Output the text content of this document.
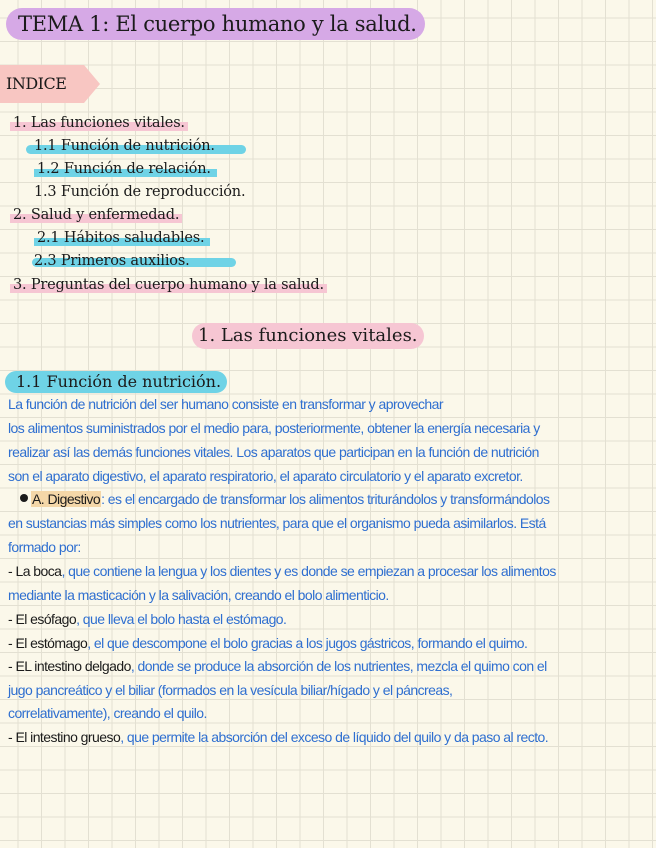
TEMA 1: El cuerpo humano y la salud.
INDICE
1. Las funciones vitales.
1.1 Función de nutrición.
1.2 Función de relación.
1.3 Función de reproducción.
2. Salud y enfermedad.
2.1 Hábitos saludables.
2.3 Primeros auxilios.
3. Preguntas del cuerpo humano y la salud.
1. Las funciones vitales.
1.1 Función de nutrición.
La función de nutrición del ser humano consiste en transformar y aprovechar
los alimentos suministrados por el medio para, posteriormente, obtener la energía necesaria y
realizar así las demás funciones vitales. Los aparatos que participan en la función de nutrición
son el aparato digestivo, el aparato respiratorio, el aparato circulatorio y el aparato excretor.
A. Digestivo: es el encargado de transformar los alimentos triturándolos y transformándolos
en sustancias más simples como los nutrientes, para que el organismo pueda asimilarlos. Está
formado por:
- La boca, que contiene la lengua y los dientes y es donde se empiezan a procesar los alimentos
mediante la masticación y la salivación, creando el bolo alimenticio.
- El esófago, que lleva el bolo hasta el estómago.
- El estómago, el que descompone el bolo gracias a los jugos gástricos, formando el quimo.
- EL intestino delgado, donde se produce la absorción de los nutrientes, mezcla el quimo con el
jugo pancreático y el biliar (formados en la vesícula biliar/hígado y el páncreas,
correlativamente), creando el quilo.
- El intestino grueso, que permite la absorción del exceso de líquido del quilo y da paso al recto.
